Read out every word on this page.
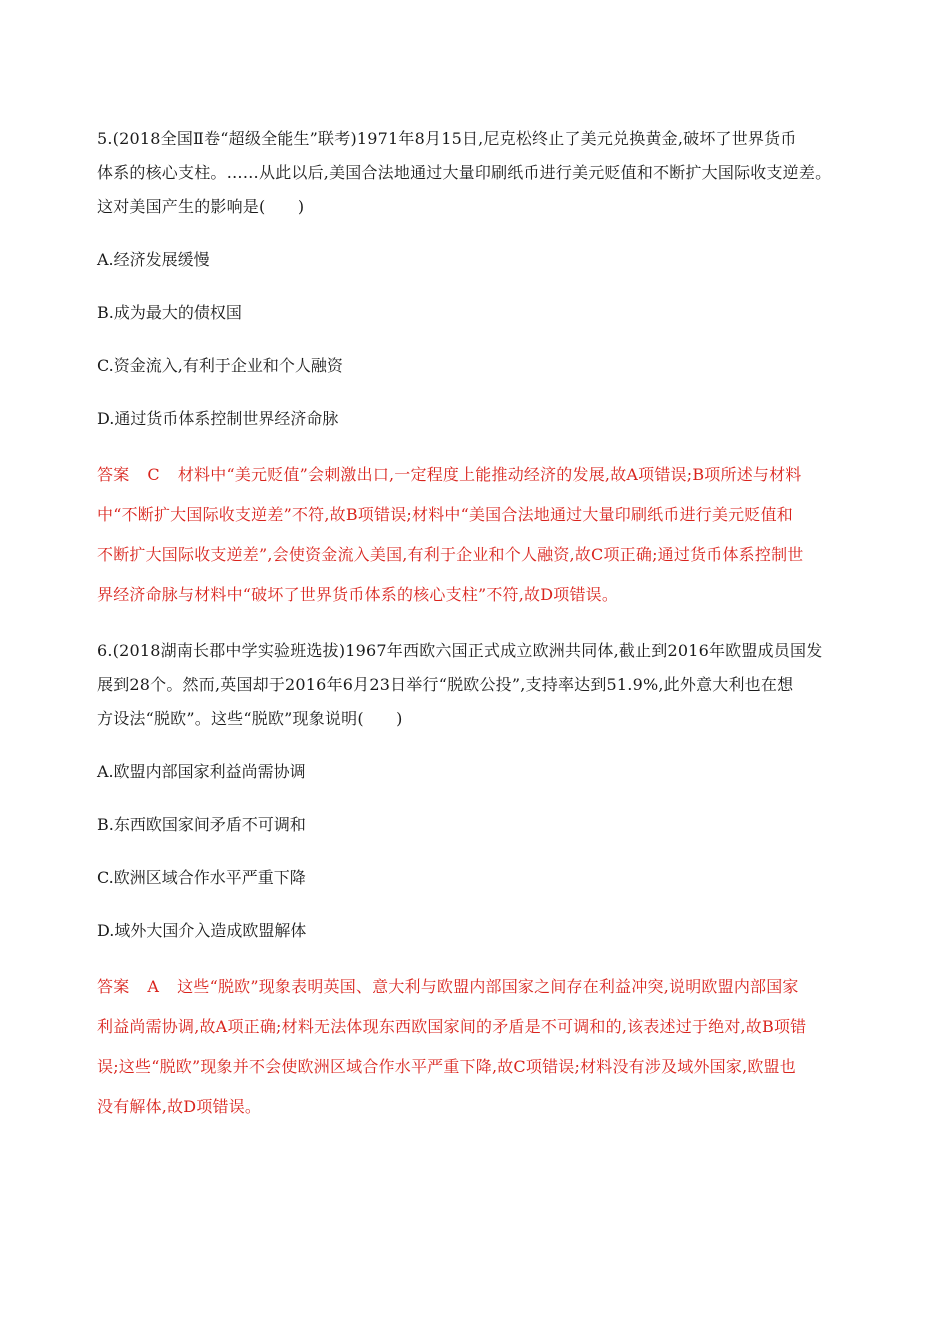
5.(2018全国Ⅱ卷“超级全能生”联考)1971年8月15日,尼克松终止了美元兑换黄金,破坏了世界货币
体系的核心支柱。……从此以后,美国合法地通过大量印刷纸币进行美元贬值和不断扩大国际收支逆差。
这对美国产生的影响是(　　)
A.经济发展缓慢
B.成为最大的债权国
C.资金流入,有利于企业和个人融资
D.通过货币体系控制世界经济命脉
答案 C 材料中“美元贬值”会刺激出口,一定程度上能推动经济的发展,故A项错误;B项所述与材料
中“不断扩大国际收支逆差”不符,故B项错误;材料中“美国合法地通过大量印刷纸币进行美元贬值和
不断扩大国际收支逆差”,会使资金流入美国,有利于企业和个人融资,故C项正确;通过货币体系控制世
界经济命脉与材料中“破坏了世界货币体系的核心支柱”不符,故D项错误。
6.(2018湖南长郡中学实验班选拔)1967年西欧六国正式成立欧洲共同体,截止到2016年欧盟成员国发
展到28个。然而,英国却于2016年6月23日举行“脱欧公投”,支持率达到51.9%,此外意大利也在想
方设法“脱欧”。这些“脱欧”现象说明(　　)
A.欧盟内部国家利益尚需协调
B.东西欧国家间矛盾不可调和
C.欧洲区域合作水平严重下降
D.域外大国介入造成欧盟解体
答案 A 这些“脱欧”现象表明英国、意大利与欧盟内部国家之间存在利益冲突,说明欧盟内部国家
利益尚需协调,故A项正确;材料无法体现东西欧国家间的矛盾是不可调和的,该表述过于绝对,故B项错
误;这些“脱欧”现象并不会使欧洲区域合作水平严重下降,故C项错误;材料没有涉及域外国家,欧盟也
没有解体,故D项错误。
